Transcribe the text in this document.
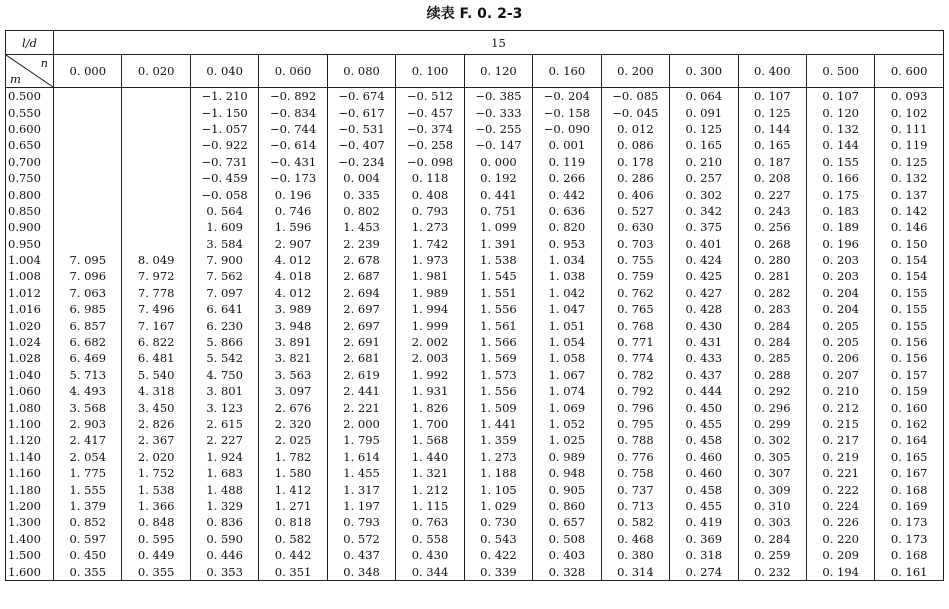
续表 F. 0. 2-3
l/d	15												

n
m	0. 000	0. 020	0. 040	0. 060	0. 080	0. 100	0. 120	0. 160	0. 200	0. 300	0. 400	0. 500	0. 600
0.500			−1. 210	−0. 892	−0. 674	−0. 512	−0. 385	−0. 204	−0. 085	0. 064	0. 107	0. 107	0. 093
0.550			−1. 150	−0. 834	−0. 617	−0. 457	−0. 333	−0. 158	−0. 045	0. 091	0. 125	0. 120	0. 102
0.600			−1. 057	−0. 744	−0. 531	−0. 374	−0. 255	−0. 090	0. 012	0. 125	0. 144	0. 132	0. 111
0.650			−0. 922	−0. 614	−0. 407	−0. 258	−0. 147	0. 001	0. 086	0. 165	0. 165	0. 144	0. 119
0.700			−0. 731	−0. 431	−0. 234	−0. 098	0. 000	0. 119	0. 178	0. 210	0. 187	0. 155	0. 125
0.750			−0. 459	−0. 173	0. 004	0. 118	0. 192	0. 266	0. 286	0. 257	0. 208	0. 166	0. 132
0.800			−0. 058	0. 196	0. 335	0. 408	0. 441	0. 442	0. 406	0. 302	0. 227	0. 175	0. 137
0.850			0. 564	0. 746	0. 802	0. 793	0. 751	0. 636	0. 527	0. 342	0. 243	0. 183	0. 142
0.900			1. 609	1. 596	1. 453	1. 273	1. 099	0. 820	0. 630	0. 375	0. 256	0. 189	0. 146
0.950			3. 584	2. 907	2. 239	1. 742	1. 391	0. 953	0. 703	0. 401	0. 268	0. 196	0. 150
1.004	7. 095	8. 049	7. 900	4. 012	2. 678	1. 973	1. 538	1. 034	0. 755	0. 424	0. 280	0. 203	0. 154
1.008	7. 096	7. 972	7. 562	4. 018	2. 687	1. 981	1. 545	1. 038	0. 759	0. 425	0. 281	0. 203	0. 154
1.012	7. 063	7. 778	7. 097	4. 012	2. 694	1. 989	1. 551	1. 042	0. 762	0. 427	0. 282	0. 204	0. 155
1.016	6. 985	7. 496	6. 641	3. 989	2. 697	1. 994	1. 556	1. 047	0. 765	0. 428	0. 283	0. 204	0. 155
1.020	6. 857	7. 167	6. 230	3. 948	2. 697	1. 999	1. 561	1. 051	0. 768	0. 430	0. 284	0. 205	0. 155
1.024	6. 682	6. 822	5. 866	3. 891	2. 691	2. 002	1. 566	1. 054	0. 771	0. 431	0. 284	0. 205	0. 156
1.028	6. 469	6. 481	5. 542	3. 821	2. 681	2. 003	1. 569	1. 058	0. 774	0. 433	0. 285	0. 206	0. 156
1.040	5. 713	5. 540	4. 750	3. 563	2. 619	1. 992	1. 573	1. 067	0. 782	0. 437	0. 288	0. 207	0. 157
1.060	4. 493	4. 318	3. 801	3. 097	2. 441	1. 931	1. 556	1. 074	0. 792	0. 444	0. 292	0. 210	0. 159
1.080	3. 568	3. 450	3. 123	2. 676	2. 221	1. 826	1. 509	1. 069	0. 796	0. 450	0. 296	0. 212	0. 160
1.100	2. 903	2. 826	2. 615	2. 320	2. 000	1. 700	1. 441	1. 052	0. 795	0. 455	0. 299	0. 215	0. 162
1.120	2. 417	2. 367	2. 227	2. 025	1. 795	1. 568	1. 359	1. 025	0. 788	0. 458	0. 302	0. 217	0. 164
1.140	2. 054	2. 020	1. 924	1. 782	1. 614	1. 440	1. 273	0. 989	0. 776	0. 460	0. 305	0. 219	0. 165
1.160	1. 775	1. 752	1. 683	1. 580	1. 455	1. 321	1. 188	0. 948	0. 758	0. 460	0. 307	0. 221	0. 167
1.180	1. 555	1. 538	1. 488	1. 412	1. 317	1. 212	1. 105	0. 905	0. 737	0. 458	0. 309	0. 222	0. 168
1.200	1. 379	1. 366	1. 329	1. 271	1. 197	1. 115	1. 029	0. 860	0. 713	0. 455	0. 310	0. 224	0. 169
1.300	0. 852	0. 848	0. 836	0. 818	0. 793	0. 763	0. 730	0. 657	0. 582	0. 419	0. 303	0. 226	0. 173
1.400	0. 597	0. 595	0. 590	0. 582	0. 572	0. 558	0. 543	0. 508	0. 468	0. 369	0. 284	0. 220	0. 173
1.500	0. 450	0. 449	0. 446	0. 442	0. 437	0. 430	0. 422	0. 403	0. 380	0. 318	0. 259	0. 209	0. 168
1.600	0. 355	0. 355	0. 353	0. 351	0. 348	0. 344	0. 339	0. 328	0. 314	0. 274	0. 232	0. 194	0. 161
